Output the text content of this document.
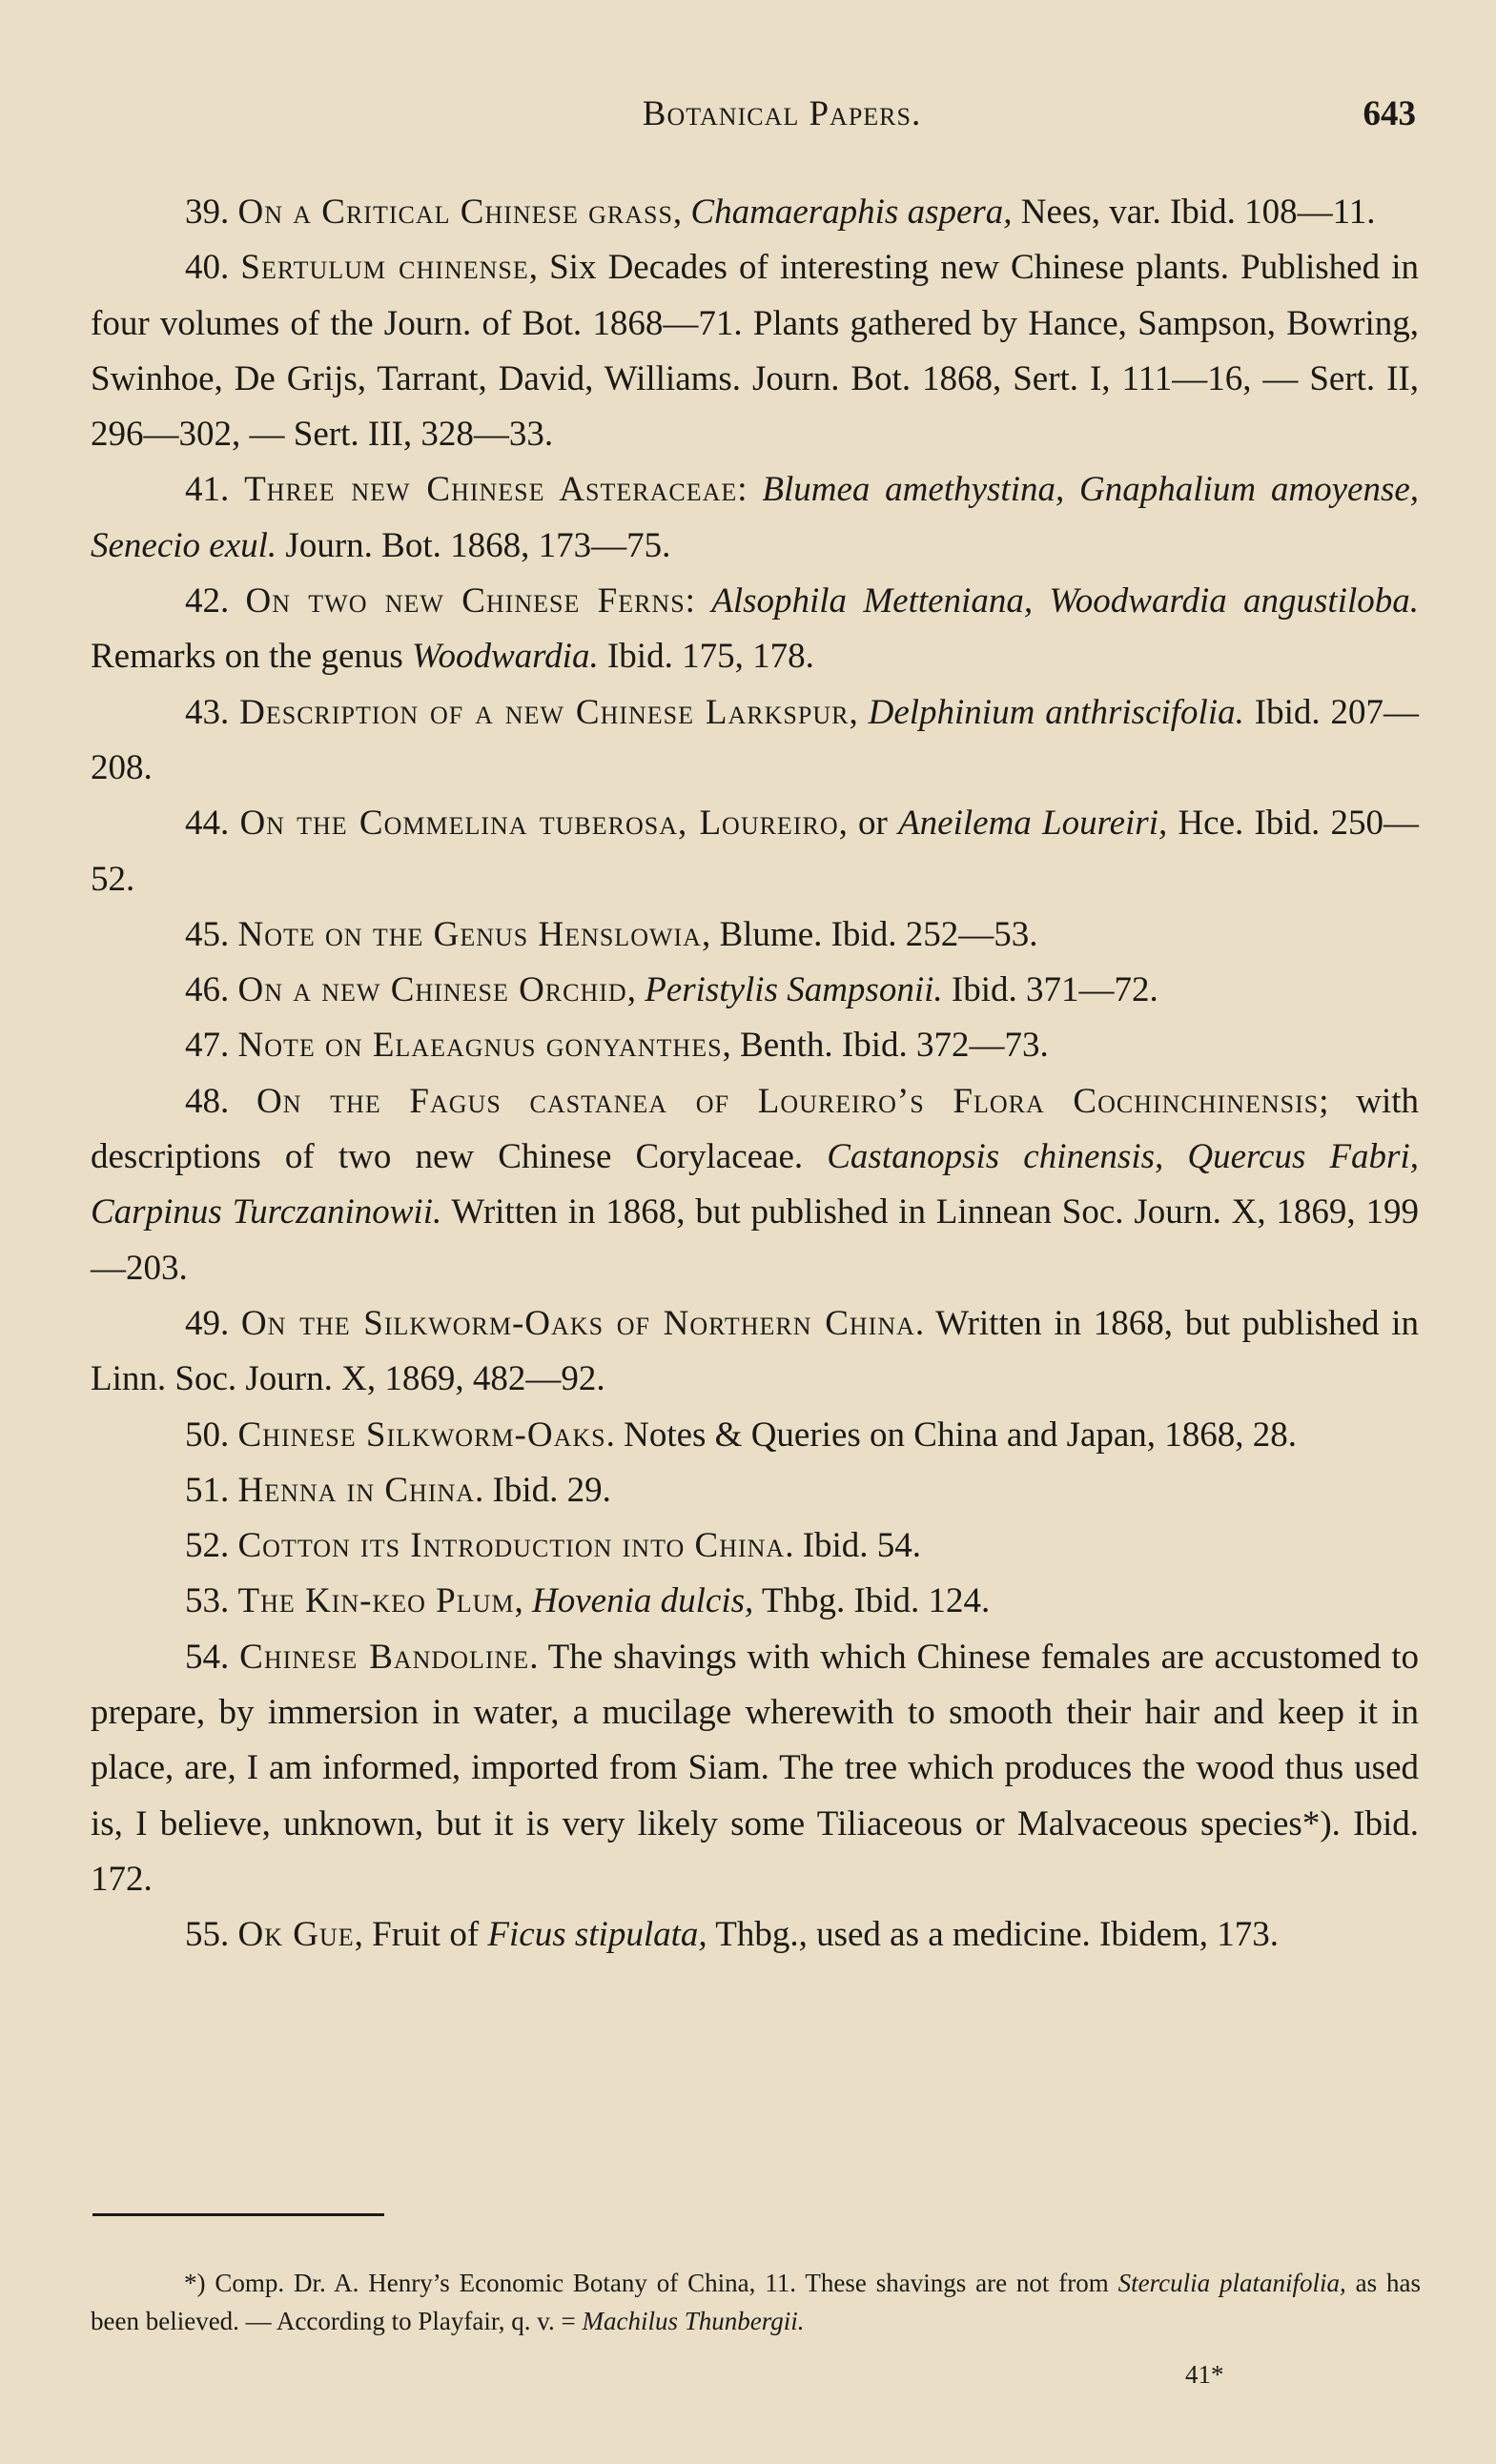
Botanical Papers.	643

39. On a Critical Chinese grass, Chamaeraphis aspera, Nees, var. Ibid. 108—11.

40. Sertulum chinense, Six Decades of interesting new Chinese plants. Published in four volumes of the Journ. of Bot. 1868—71. Plants gathered by Hance, Sampson, Bowring, Swinhoe, De Grijs, Tarrant, David, Williams. Journ. Bot. 1868, Sert. I, 111—16, — Sert. II, 296—302, — Sert. III, 328—33.

41. Three new Chinese Asteraceae: Blumea amethystina, Gnaphalium amoyense, Senecio exul. Journ. Bot. 1868, 173—75.

42. On two new Chinese Ferns: Alsophila Metteniana, Woodwardia angustiloba. Remarks on the genus Woodwardia. Ibid. 175, 178.

43. Description of a new Chinese Larkspur, Delphinium anthriscifolia. Ibid. 207—208.

44. On the Commelina tuberosa, Loureiro, or Aneilema Loureiri, Hce. Ibid. 250—52.

45. Note on the Genus Henslowia, Blume. Ibid. 252—53.

46. On a new Chinese Orchid, Peristylis Sampsonii. Ibid. 371—72.

47. Note on Elaeagnus gonyanthes, Benth. Ibid. 372—73.

48. On the Fagus castanea of Loureiro’s Flora Cochinchinensis; with descriptions of two new Chinese Corylaceae. Castanopsis chinensis, Quercus Fabri, Carpinus Turczaninowii. Written in 1868, but published in Linnean Soc. Journ. X, 1869, 199—203.

49. On the Silkworm-Oaks of Northern China. Written in 1868, but published in Linn. Soc. Journ. X, 1869, 482—92.

50. Chinese Silkworm-Oaks. Notes & Queries on China and Japan, 1868, 28.

51. Henna in China. Ibid. 29.

52. Cotton its Introduction into China. Ibid. 54.

53. The Kin-keo Plum, Hovenia dulcis, Thbg. Ibid. 124.

54. Chinese Bandoline. The shavings with which Chinese females are accustomed to prepare, by immersion in water, a mucilage wherewith to smooth their hair and keep it in place, are, I am informed, imported from Siam. The tree which produces the wood thus used is, I believe, unknown, but it is very likely some Tiliaceous or Malvaceous species*). Ibid. 172.

55. Ok Gue, Fruit of Ficus stipulata, Thbg., used as a medicine. Ibidem, 173.

*) Comp. Dr. A. Henry’s Economic Botany of China, 11. These shavings are not from Sterculia platanifolia, as has been believed. — According to Playfair, q. v. = Machilus Thunbergii.

41*
